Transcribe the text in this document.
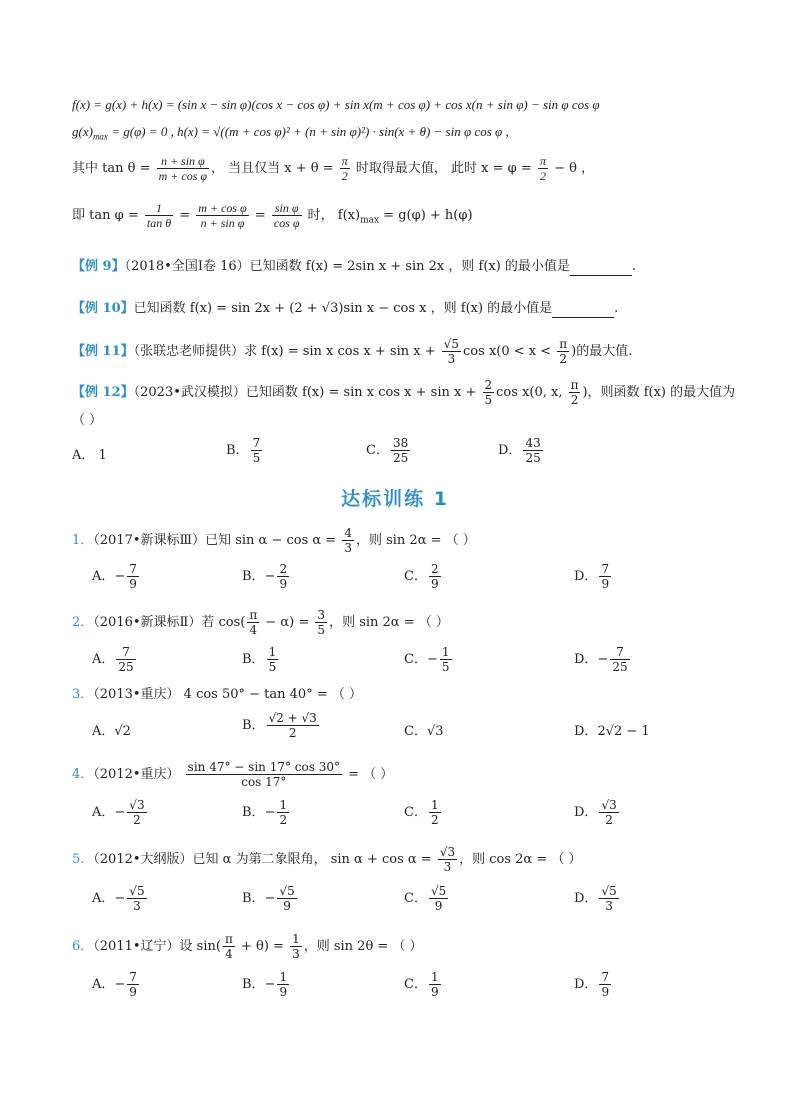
f(x) = g(x) + h(x) = (sin x − sin φ)(cos x − cos φ) + sin x(m + cos φ) + cos x(n + sin φ) − sin φ cos φ
$g(x)_{max} = g(\varphi) = 0$ , h(x) = √((m + cos φ)² + (n + sin φ)²) · sin(x + θ) − sin φ cos φ ,
其中 $\tan \theta = \frac{\text{n + sin φ}}{\text{m + cos φ}}$ ， 当且仅当 $x + \theta = \frac{\pi}{2}$ 时取得最大值， 此时 $x = \varphi = \frac{\pi}{2} - \theta$ ，
即 $\tan \varphi = \frac{1}{\text{tan θ}} = \frac{\text{m + cos φ}}{\text{n + sin φ}} = \frac{\text{sin φ}}{\text{cos φ}}$ 时， $f(x)_{max} = g(\varphi) + h(\varphi)$
【例 9】（2018•全国Ⅰ卷 16）已知函数 f(x) = 2sin x + sin 2x ，则 f(x) 的最小值是	.
【例 10】已知函数 f(x) = sin 2x + (2 + √3)sin x − cos x ，则 f(x) 的最小值是	.
【例 11】（张联忠老师提供）求 f(x) = sin x $\cos x + \sin x + \frac{√5}{3}$ $\cos x(0 < x < \frac{\pi}{2}$ )的最大值.
【例 12】（2023•武汉模拟）已知函数 f(x) = sin x $\cos x + \sin x + \frac{2}{5}$ cos x(0, x, $\frac{\pi}{2}$ )，则函数 f(x) 的最大值为
（ ）
A． 1	B． $\frac{7}{5}$	C． $\frac{38}{25}$	D． $\frac{43}{25}$
达标训练 1
1．（2017•新课标Ⅲ）已知 $\sin \alpha - \cos \alpha = \frac{4}{3}$ ，则 sin 2α = （ ）
A．− $\frac{7}{9}$	B．− $\frac{2}{9}$	C． $\frac{2}{9}$	D． $\frac{7}{9}$
2．（2016•新课标Ⅱ）若 $\cos( \frac{\pi}{4} - \alpha) = \frac{3}{5}$ ，则 sin 2α = （ ）
A． $\frac{7}{25}$	B． $\frac{1}{5}$	C．− $\frac{1}{5}$	D．− $\frac{7}{25}$
3．（2013•重庆） 4 cos 50° − tan 40° = （ ）
A．√2	B． $\frac{√2 + √3}{2}$	C．√3	D．2√2 − 1
4．（2012•重庆） $\frac{\sin 47^\circ - \sin 17^\circ \cos 30^\circ}{\cos 17^\circ}$ = （ ）
A．− $\frac{√3}{2}$	B．− $\frac{1}{2}$	C． $\frac{1}{2}$	D． $\frac{√3}{2}$
5．（2012•大纲版）已知 α 为第二象限角， $\sin \alpha + \cos \alpha = \frac{√3}{3}$ ，则 cos 2α = （ ）
A．− $\frac{√5}{3}$	B．− $\frac{√5}{9}$	C． $\frac{√5}{9}$	D． $\frac{√5}{3}$
6．（2011•辽宁）设 $\sin( \frac{\pi}{4} + \theta) = \frac{1}{3}$ ，则 sin 2θ = （ ）
A．− $\frac{7}{9}$	B．− $\frac{1}{9}$	C． $\frac{1}{9}$	D． $\frac{7}{9}$
